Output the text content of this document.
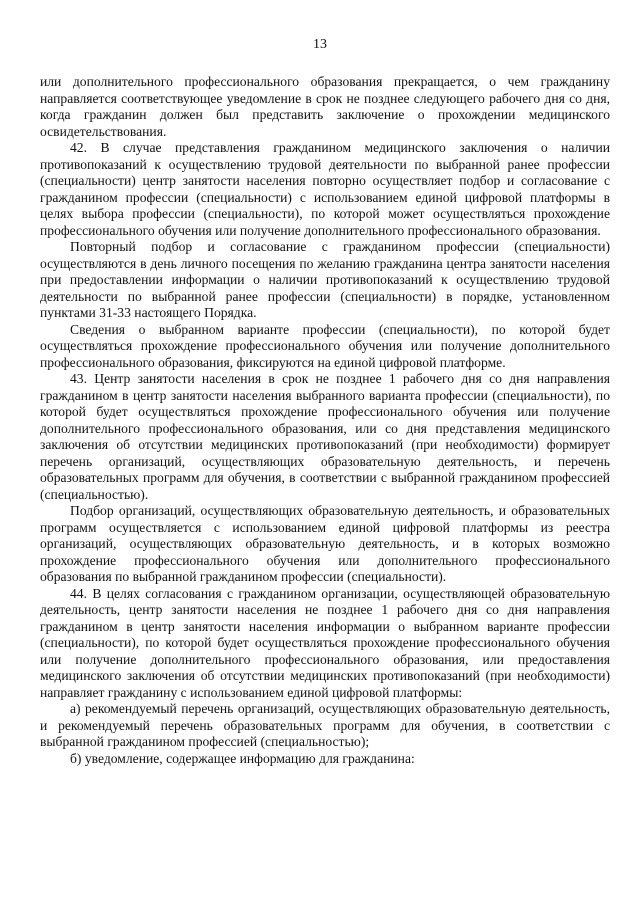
13

или дополнительного профессионального образования прекращается, о чем гражданину направляется соответствующее уведомление в срок не позднее следующего рабочего дня со дня, когда гражданин должен был представить заключение о прохождении медицинского освидетельствования.

42. В случае представления гражданином медицинского заключения о наличии противопоказаний к осуществлению трудовой деятельности по выбранной ранее профессии (специальности) центр занятости населения повторно осуществляет подбор и согласование с гражданином профессии (специальности) с использованием единой цифровой платформы в целях выбора профессии (специальности), по которой может осуществляться прохождение профессионального обучения или получение дополнительного профессионального образования.

Повторный подбор и согласование с гражданином профессии (специальности) осуществляются в день личного посещения по желанию гражданина центра занятости населения при предоставлении информации о наличии противопоказаний к осуществлению трудовой деятельности по выбранной ранее профессии (специальности) в порядке, установленном пунктами 31-33 настоящего Порядка.

Сведения о выбранном варианте профессии (специальности), по которой будет осуществляться прохождение профессионального обучения или получение дополнительного профессионального образования, фиксируются на единой цифровой платформе.

43. Центр занятости населения в срок не позднее 1 рабочего дня со дня направления гражданином в центр занятости населения выбранного варианта профессии (специальности), по которой будет осуществляться прохождение профессионального обучения или получение дополнительного профессионального образования, или со дня представления медицинского заключения об отсутствии медицинских противопоказаний (при необходимости) формирует перечень организаций, осуществляющих образовательную деятельность, и перечень образовательных программ для обучения, в соответствии с выбранной гражданином профессией (специальностью).

Подбор организаций, осуществляющих образовательную деятельность, и образовательных программ осуществляется с использованием единой цифровой платформы из реестра организаций, осуществляющих образовательную деятельность, и в которых возможно прохождение профессионального обучения или дополнительного профессионального образования по выбранной гражданином профессии (специальности).

44. В целях согласования с гражданином организации, осуществляющей образовательную деятельность, центр занятости населения не позднее 1 рабочего дня со дня направления гражданином в центр занятости населения информации о выбранном варианте профессии (специальности), по которой будет осуществляться прохождение профессионального обучения или получение дополнительного профессионального образования, или предоставления медицинского заключения об отсутствии медицинских противопоказаний (при необходимости) направляет гражданину с использованием единой цифровой платформы:

а) рекомендуемый перечень организаций, осуществляющих образовательную деятельность, и рекомендуемый перечень образовательных программ для обучения, в соответствии с выбранной гражданином профессией (специальностью);

б) уведомление, содержащее информацию для гражданина:
